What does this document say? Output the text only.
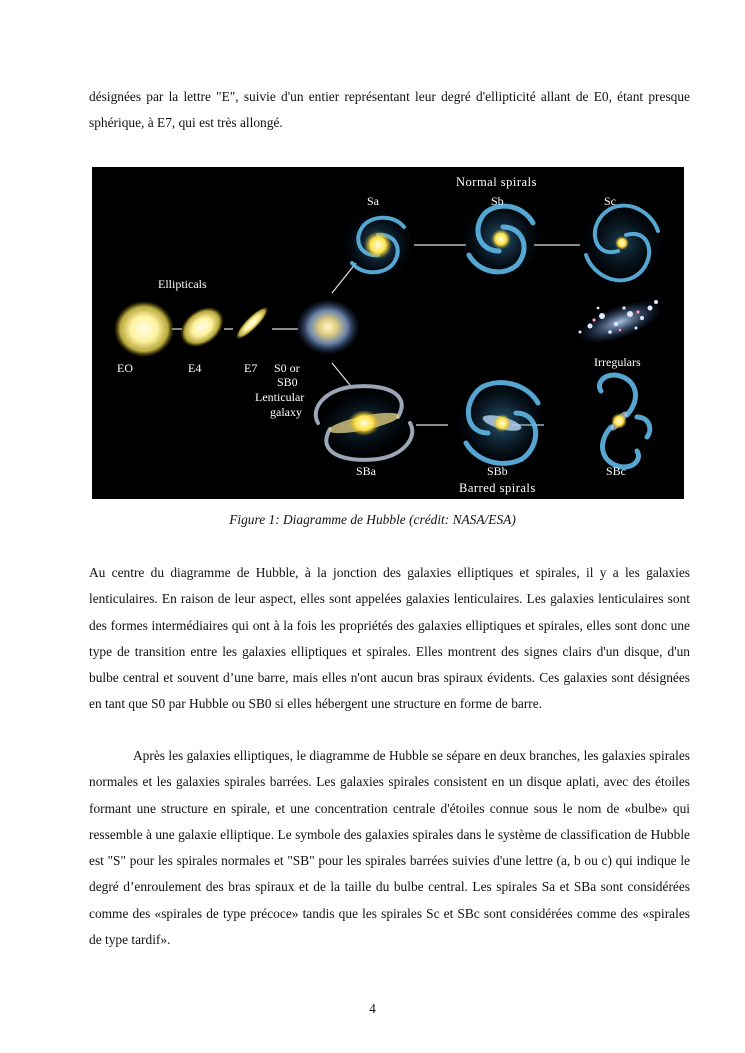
désignées par la lettre "E", suivie d'un entier représentant leur degré d'ellipticité allant de E0, étant presque sphérique, à E7, qui est très allongé.

Normal spirals
Ellipticals
EO	E4	E7 S0 or
SB0
Lenticular
galaxy
Sa	Sb	Sc
Irregulars
SBa	SBb	SBc
Barred spirals

Figure 1: Diagramme de Hubble (crédit: NASA/ESA)

Au centre du diagramme de Hubble, à la jonction des galaxies elliptiques et spirales, il y a les galaxies lenticulaires. En raison de leur aspect, elles sont appelées galaxies lenticulaires. Les galaxies lenticulaires sont des formes intermédiaires qui ont à la fois les propriétés des galaxies elliptiques et spirales, elles sont donc une type de transition entre les galaxies elliptiques et spirales. Elles montrent des signes clairs d'un disque, d'un bulbe central et souvent d’une barre, mais elles n'ont aucun bras spiraux évidents. Ces galaxies sont désignées en tant que S0 par Hubble ou SB0 si elles hébergent une structure en forme de barre.

Après les galaxies elliptiques, le diagramme de Hubble se sépare en deux branches, les galaxies spirales normales et les galaxies spirales barrées. Les galaxies spirales consistent en un disque aplati, avec des étoiles formant une structure en spirale, et une concentration centrale d'étoiles connue sous le nom de «bulbe» qui ressemble à une galaxie elliptique. Le symbole des galaxies spirales dans le système de classification de Hubble est "S" pour les spirales normales et "SB" pour les spirales barrées suivies d'une lettre (a, b ou c) qui indique le degré d’enroulement des bras spiraux et de la taille du bulbe central. Les spirales Sa et SBa sont considérées comme des «spirales de type précoce» tandis que les spirales Sc et SBc sont considérées comme des «spirales de type tardif».

4
